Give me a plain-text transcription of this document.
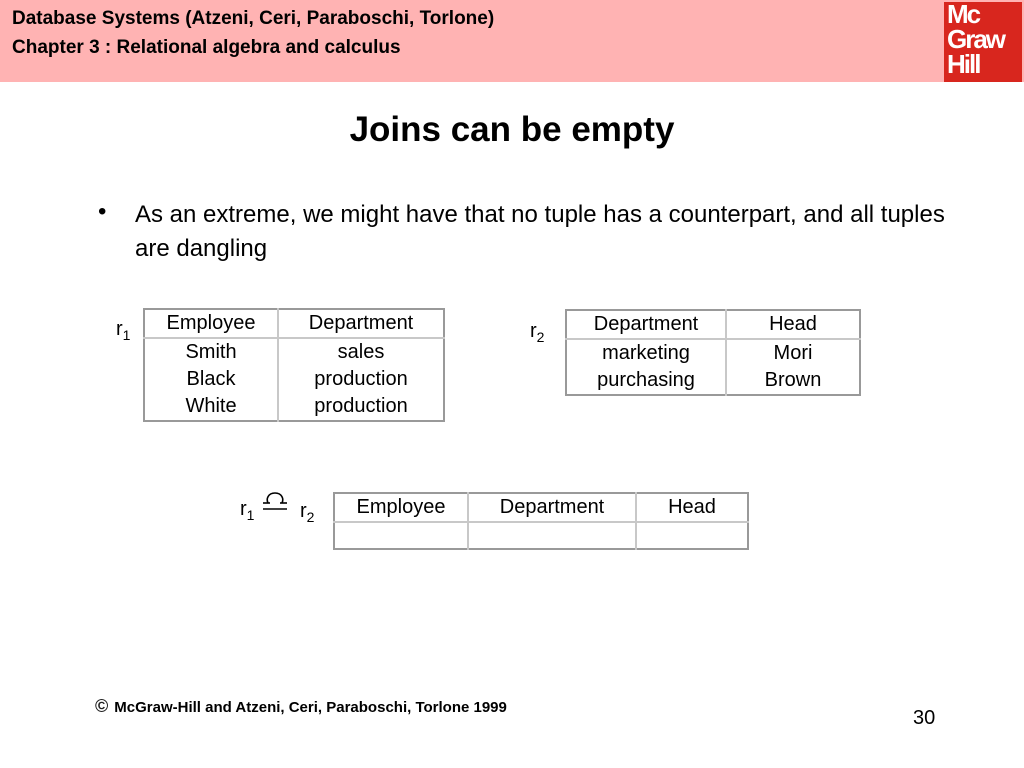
Database Systems (Atzeni, Ceri, Paraboschi, Torlone)
Chapter 3 : Relational algebra and calculus
Mc
Graw
Hill
Joins can be empty
• As an extreme, we might have that no tuple has a counterpart, and all tuples are dangling
$r_1$
Employee	Department
Smith	sales
Black	production
White	production
$r_2$
Department	Head
marketing	Mori
purchasing	Brown
$r_1$ $r_2$ Employee	Department	Head

© McGraw-Hill and Atzeni, Ceri, Paraboschi, Torlone 1999	30
